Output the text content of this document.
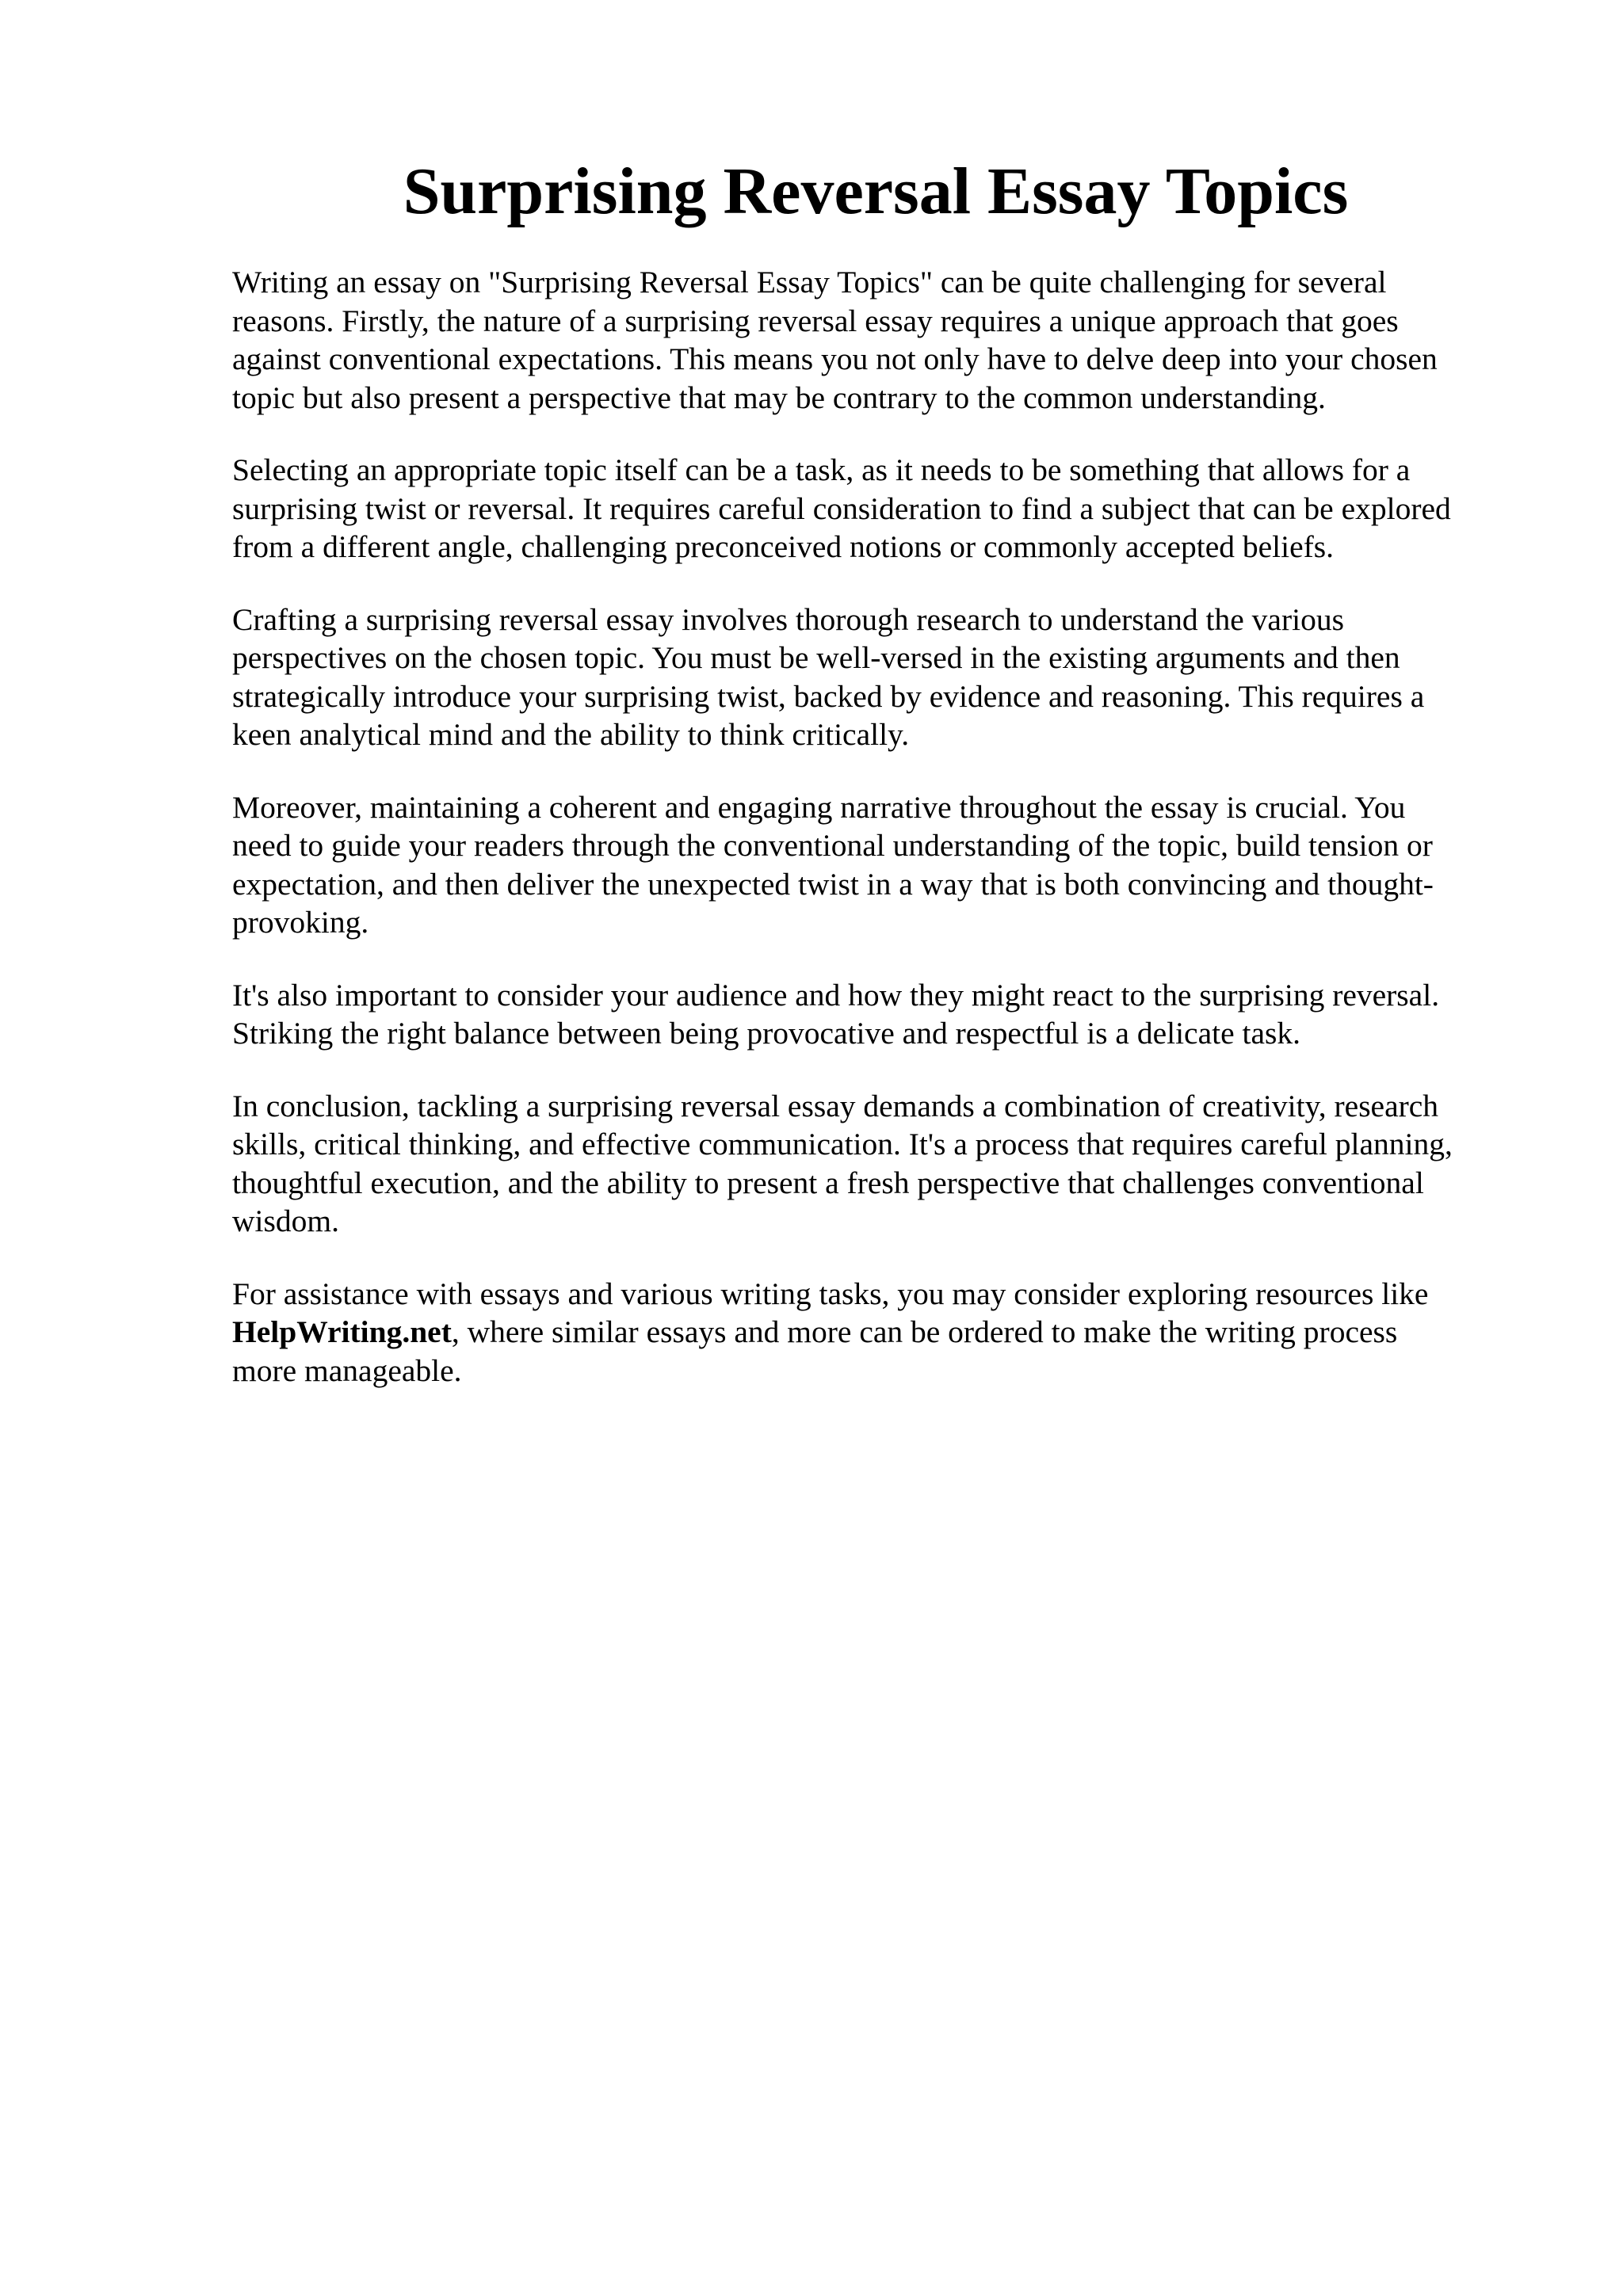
Surprising Reversal Essay Topics

Writing an essay on "Surprising Reversal Essay Topics" can be quite challenging for several
reasons. Firstly, the nature of a surprising reversal essay requires a unique approach that goes
against conventional expectations. This means you not only have to delve deep into your chosen
topic but also present a perspective that may be contrary to the common understanding.

Selecting an appropriate topic itself can be a task, as it needs to be something that allows for a
surprising twist or reversal. It requires careful consideration to find a subject that can be explored
from a different angle, challenging preconceived notions or commonly accepted beliefs.

Crafting a surprising reversal essay involves thorough research to understand the various
perspectives on the chosen topic. You must be well-versed in the existing arguments and then
strategically introduce your surprising twist, backed by evidence and reasoning. This requires a
keen analytical mind and the ability to think critically.

Moreover, maintaining a coherent and engaging narrative throughout the essay is crucial. You
need to guide your readers through the conventional understanding of the topic, build tension or
expectation, and then deliver the unexpected twist in a way that is both convincing and thought-
provoking.

It's also important to consider your audience and how they might react to the surprising reversal.
Striking the right balance between being provocative and respectful is a delicate task.

In conclusion, tackling a surprising reversal essay demands a combination of creativity, research
skills, critical thinking, and effective communication. It's a process that requires careful planning,
thoughtful execution, and the ability to present a fresh perspective that challenges conventional
wisdom.

For assistance with essays and various writing tasks, you may consider exploring resources like
HelpWriting.net, where similar essays and more can be ordered to make the writing process
more manageable.
